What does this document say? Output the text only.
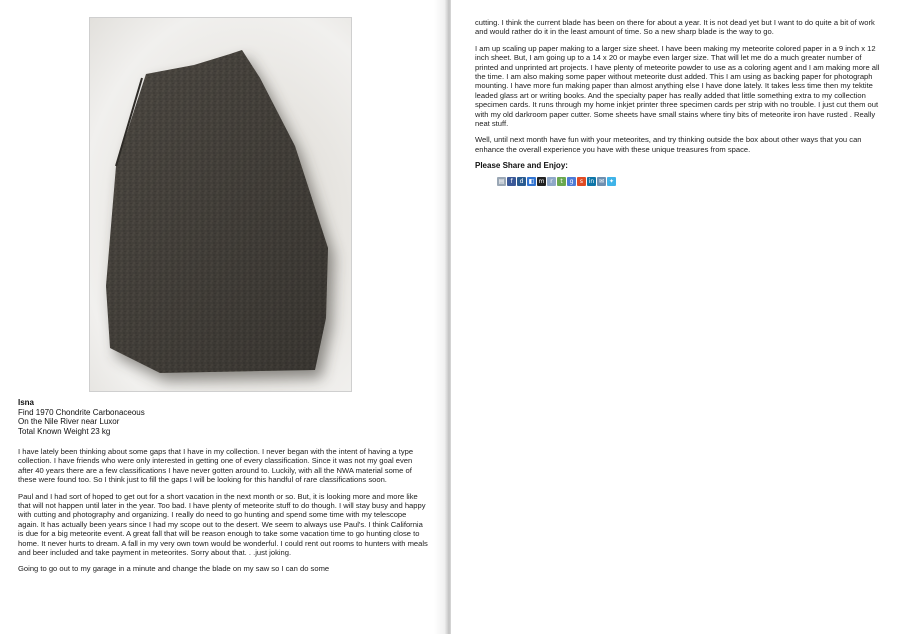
Isna
Find 1970 Chondrite Carbonaceous
On the Nile River near Luxor
Total Known Weight 23 kg

I have lately been thinking about some gaps that I have in my collection. I never began with the intent of having a type collection. I have friends who were only interested in getting one of every classification. Since it was not my goal even after 40 years there are a few classifications I have never gotten around to. Luckily, with all the NWA material some of these were found too. So I think just to fill the gaps I will be looking for this handful of rare classifications soon.

Paul and I had sort of hoped to get out for a short vacation in the next month or so. But, it is looking more and more like that will not happen until later in the year. Too bad. I have plenty of meteorite stuff to do though. I will stay busy and happy with cutting and photography and organizing. I really do need to go hunting and spend some time with my telescope again. It has actually been years since I had my scope out to the desert. We seem to always use Paul's. I think California is due for a big meteorite event. A great fall that will be reason enough to take some vacation time to go hunting close to home. It never hurts to dream. A fall in my very own town would be wonderful. I could rent out rooms to hunters with meals and beer included and take payment in meteorites. Sorry about that. . .just joking.

Going to go out to my garage in a minute and change the blade on my saw so I can do some

cutting. I think the current blade has been on there for about a year. It is not dead yet but I want to do quite a bit of work and would rather do it in the least amount of time. So a new sharp blade is the way to go.

I am up scaling up paper making to a larger size sheet. I have been making my meteorite colored paper in a 9 inch x 12 inch sheet. But, I am going up to a 14 x 20 or maybe even larger size. That will let me do a much greater number of printed and unprinted art projects. I have plenty of meteorite powder to use as a coloring agent and I am making more all the time. I am also making some paper without meteorite dust added. This I am using as backing paper for photograph mounting. I have more fun making paper than almost anything else I have done lately. It takes less time then my tektite leaded glass art or writing books. And the specialty paper has really added that little something extra to my collection specimen cards. It runs through my home inkjet printer three specimen cards per strip with no trouble. I just cut them out with my old darkroom paper cutter. Some sheets have small stains where tiny bits of meteorite iron have rusted . Really neat stuff.

Well, until next month have fun with your meteorites, and try thinking outside the box about other ways that you can enhance the overall experience you have with these unique treasures from space.

Please Share and Enjoy:
▤	f	d ◧ m r	t	g	s in ✉ ✦
